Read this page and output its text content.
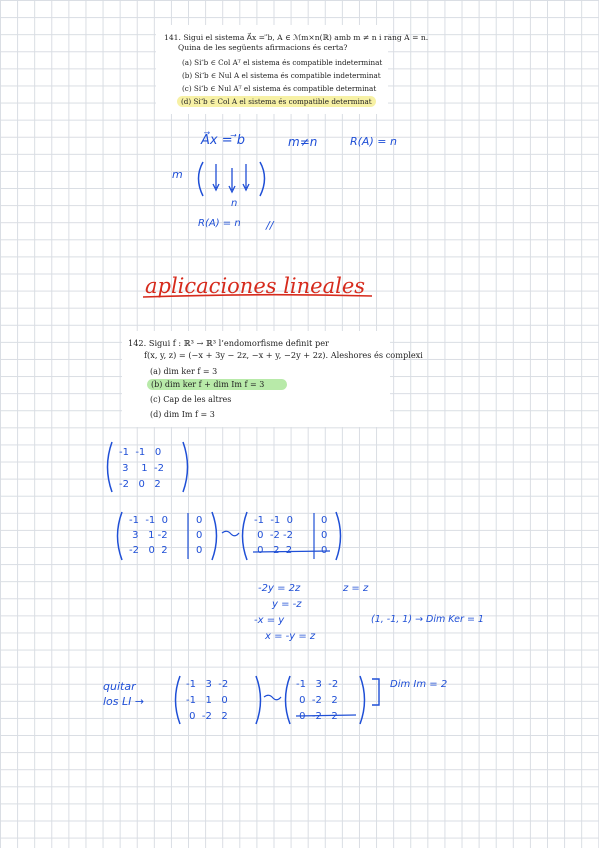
141. Sigui el sistema A⃗x = ⃗b, A ∈ ℳm×n(ℝ) amb m ≠ n i rang A = n.
Quina de les següents afirmacions és certa?
(a) Si ⃗b ∈ Col Aᵀ el sistema és compatible indeterminat
(b) Si ⃗b ∈ Nul A el sistema és compatible indeterminat
(c) Si ⃗b ∈ Nul Aᵀ el sistema és compatible determinat
(d) Si ⃗b ∈ Col A el sistema és compatible determinat
A⃗x = ⃗b	m≠n	R(A) = n
m
n
R(A) = n //
aplicaciones lineales
142. Sigui f : ℝ³ → ℝ³ l’endomorfisme definit per
f(x, y, z) = (−x + 3y − 2z, −x + y, −2y + 2z). Aleshores és complexi
(a) dim ker f = 3
(b) dim ker f + dim Im f = 3
(c) Cap de les altres
(d) dim Im f = 3
-1  -1   0
3    1  -2
-2   0   2
-1  -1  0
3   1 -2
-2   0  2
0
0
0
-1  -1  0
0  -2 -2
0   2  2
0
0
0
-2y = 2z
y = -z
-x = y
x = -y = z
z = z
(1, -1, 1) → Dim Ker = 1
quitar
los LI →
-1   3  -2
-1   1   0
0  -2   2
-1   3  -2
0  -2   2
0  -2   2
Dim Im = 2
